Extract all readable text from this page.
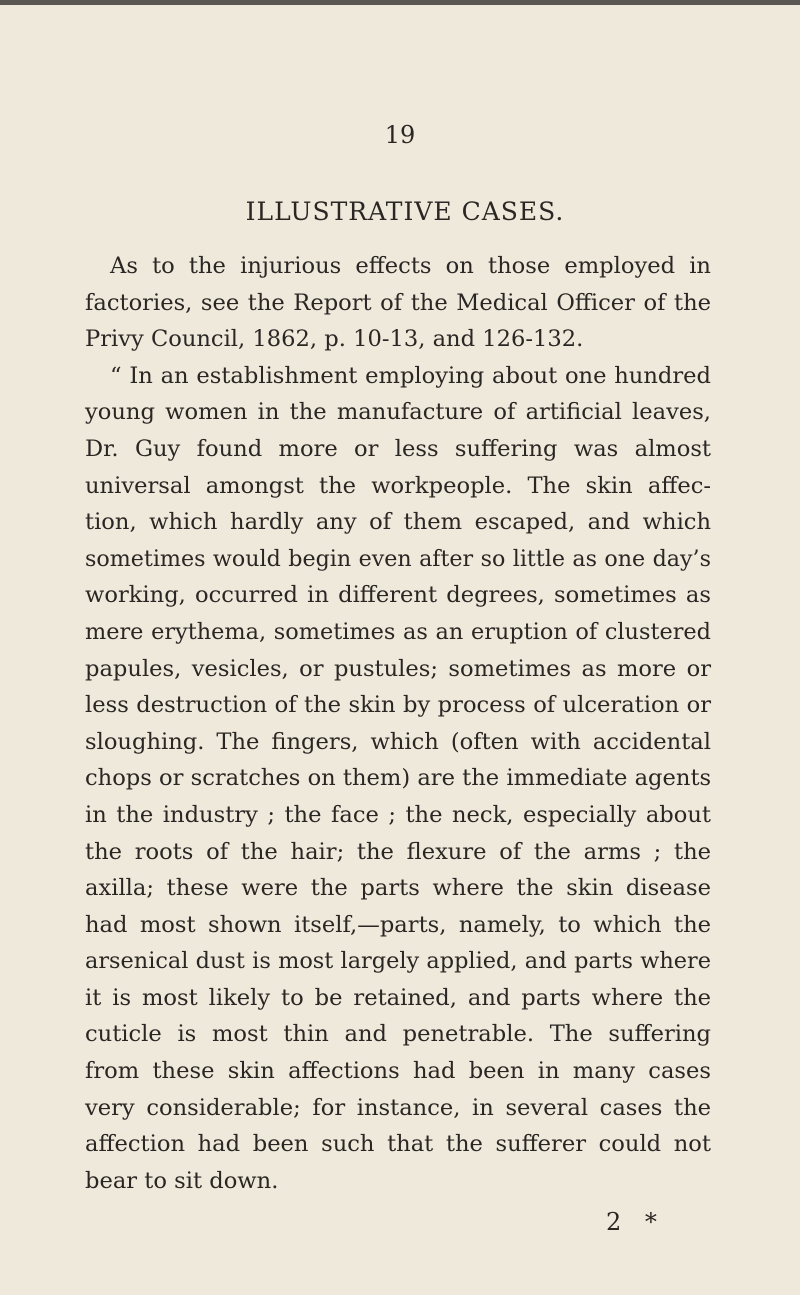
19
ILLUSTRATIVE CASES.
As to the injurious effects on those employed in
factories, see the Report of the Medical Officer of the
Privy Council, 1862, p. 10-13, and 126-132.
“ In an establishment employing about one hundred
young women in the manufacture of artificial leaves,
Dr. Guy found more or less suffering was almost
universal amongst the workpeople. The skin affec-
tion, which hardly any of them escaped, and which
sometimes would begin even after so little as one day’s
working, occurred in different degrees, sometimes as
mere erythema, sometimes as an eruption of clustered
papules, vesicles, or pustules; sometimes as more or
less destruction of the skin by process of ulceration or
sloughing. The fingers, which (often with accidental
chops or scratches on them) are the immediate agents
in the industry ; the face ; the neck, especially about
the roots of the hair; the flexure of the arms ; the
axilla; these were the parts where the skin disease
had most shown itself,—parts, namely, to which the
arsenical dust is most largely applied, and parts where
it is most likely to be retained, and parts where the
cuticle is most thin and penetrable. The suffering
from these skin affections had been in many cases
very considerable; for instance, in several cases the
affection had been such that the sufferer could not
bear to sit down.
2 *
